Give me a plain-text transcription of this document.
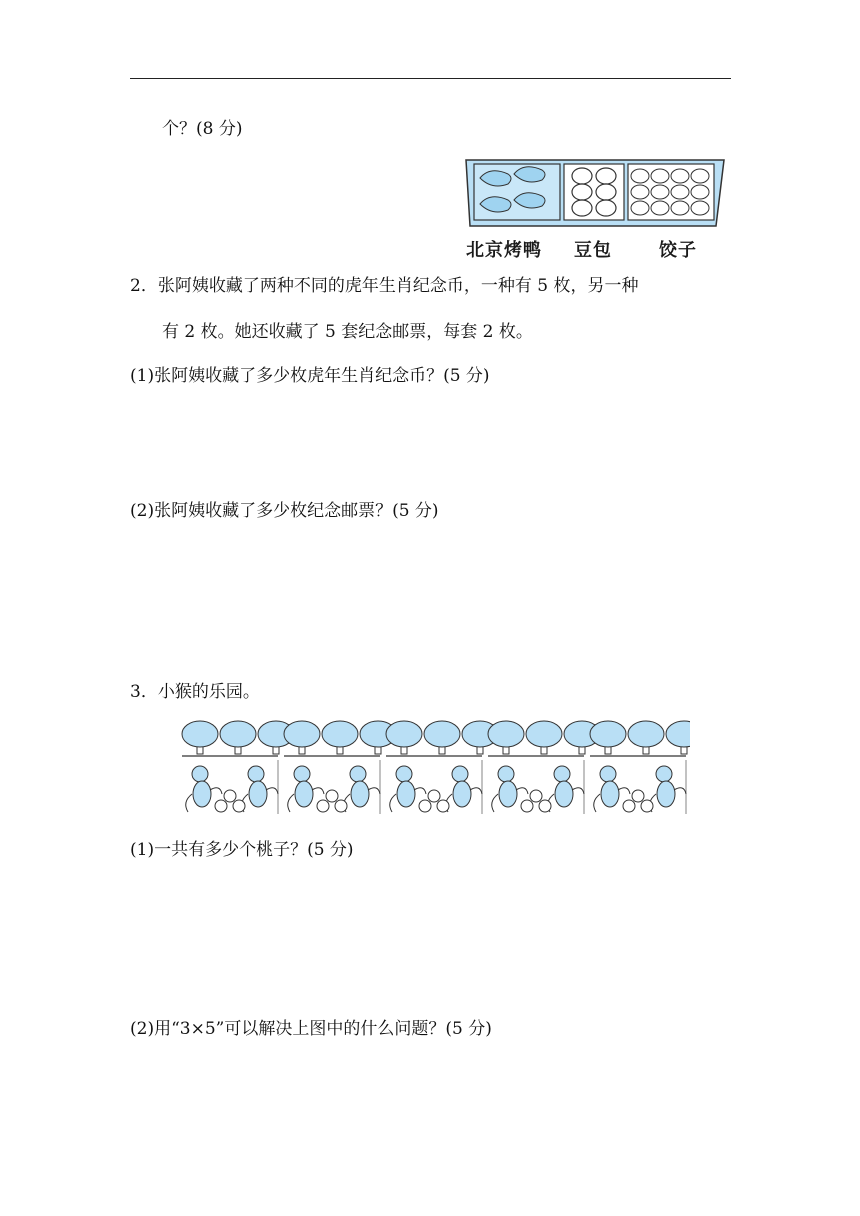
个？(8 分)
北京烤鸭 豆包	饺子
2．张阿姨收藏了两种不同的虎年生肖纪念币，一种有 5 枚，另一种
有 2 枚。她还收藏了 5 套纪念邮票，每套 2 枚。
(1)张阿姨收藏了多少枚虎年生肖纪念币？(5 分)
(2)张阿姨收藏了多少枚纪念邮票？(5 分)
3．小猴的乐园。
(1)一共有多少个桃子？(5 分)
(2)用“3×5”可以解决上图中的什么问题？(5 分)
